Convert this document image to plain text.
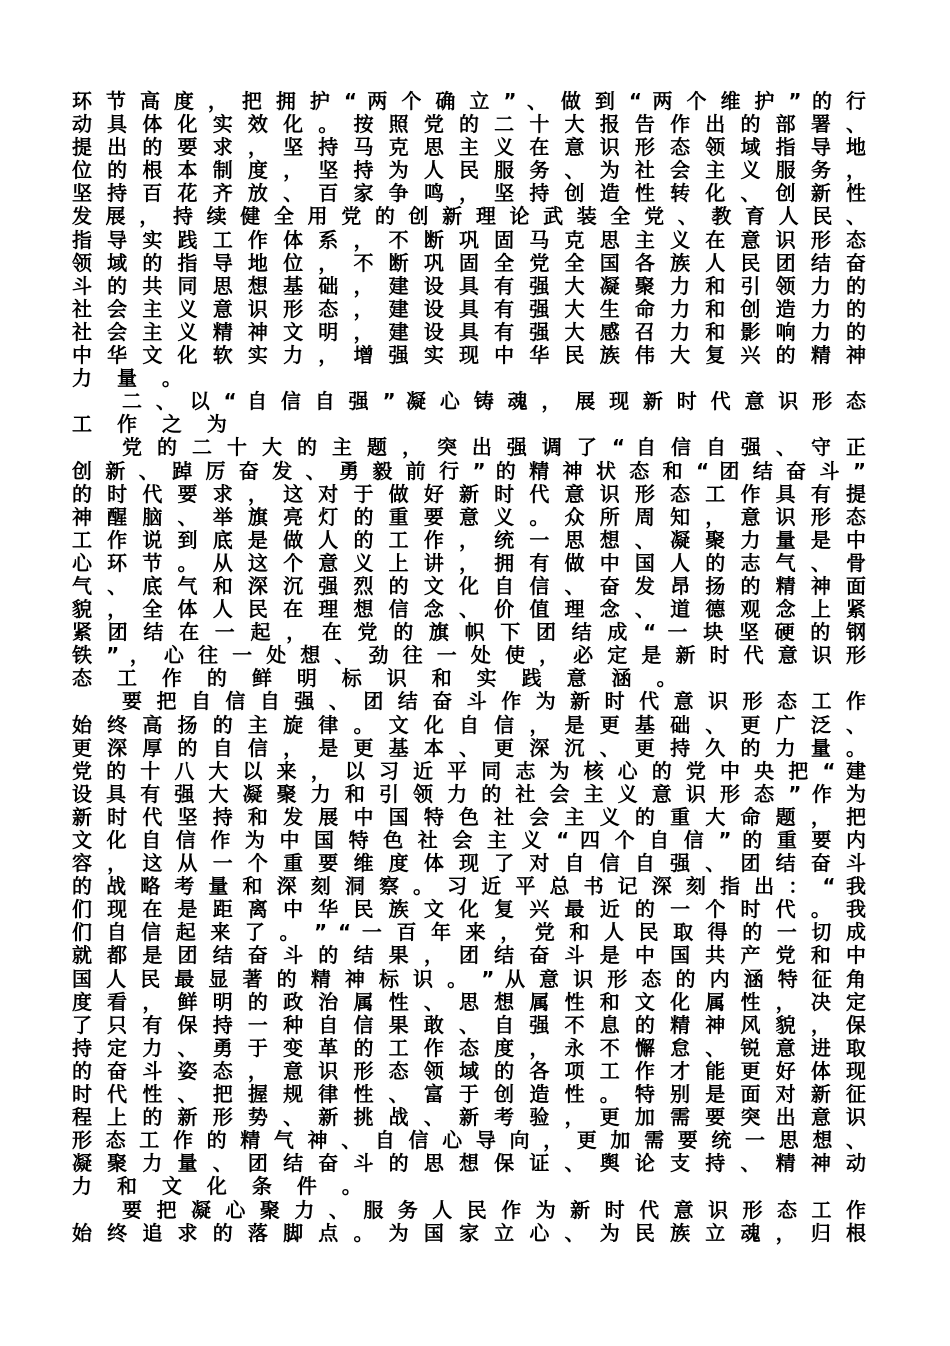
环 节 高 度 ， 把 拥 护 “ 两 个 确 立 ” 、 做 到 “ 两 个 维 护 ” 的 行
动 具 体 化 实 效 化 。 按 照 党 的 二 十 大 报 告 作 出 的 部 署 、
提 出 的 要 求 ， 坚 持 马 克 思 主 义 在 意 识 形 态 领 域 指 导 地
位 的 根 本 制 度 ， 坚 持 为 人 民 服 务 、 为 社 会 主 义 服 务 ，
坚 持 百 花 齐 放 、 百 家 争 鸣 ， 坚 持 创 造 性 转 化 、 创 新 性
发 展 ， 持 续 健 全 用 党 的 创 新 理 论 武 装 全 党 、 教 育 人 民 、
指 导 实 践 工 作 体 系 ， 不 断 巩 固 马 克 思 主 义 在 意 识 形 态
领 域 的 指 导 地 位 ， 不 断 巩 固 全 党 全 国 各 族 人 民 团 结 奋
斗 的 共 同 思 想 基 础 ， 建 设 具 有 强 大 凝 聚 力 和 引 领 力 的
社 会 主 义 意 识 形 态 ， 建 设 具 有 强 大 生 命 力 和 创 造 力 的
社 会 主 义 精 神 文 明 ， 建 设 具 有 强 大 感 召 力 和 影 响 力 的
中 华 文 化 软 实 力 ， 增 强 实 现 中 华 民 族 伟 大 复 兴 的 精 神
力 量 。
二 、 以 “ 自 信 自 强 ” 凝 心 铸 魂 ， 展 现 新 时 代 意 识 形 态
工 作 之 为
党 的 二 十 大 的 主 题 ， 突 出 强 调 了 “ 自 信 自 强 、 守 正
创 新 、 踔 厉 奋 发 、 勇 毅 前 行 ” 的 精 神 状 态 和 “ 团 结 奋 斗 ”
的 时 代 要 求 ， 这 对 于 做 好 新 时 代 意 识 形 态 工 作 具 有 提
神 醒 脑 、 举 旗 亮 灯 的 重 要 意 义 。 众 所 周 知 ， 意 识 形 态
工 作 说 到 底 是 做 人 的 工 作 ， 统 一 思 想 、 凝 聚 力 量 是 中
心 环 节 。 从 这 个 意 义 上 讲 ， 拥 有 做 中 国 人 的 志 气 、 骨
气 、 底 气 和 深 沉 强 烈 的 文 化 自 信 、 奋 发 昂 扬 的 精 神 面
貌 ， 全 体 人 民 在 理 想 信 念 、 价 值 理 念 、 道 德 观 念 上 紧
紧 团 结 在 一 起 ， 在 党 的 旗 帜 下 团 结 成 “ 一 块 坚 硬 的 钢
铁 ” ， 心 往 一 处 想 、 劲 往 一 处 使 ， 必 定 是 新 时 代 意 识 形
态 工 作 的 鲜 明 标 识 和 实 践 意 涵 。
要 把 自 信 自 强 、 团 结 奋 斗 作 为 新 时 代 意 识 形 态 工 作
始 终 高 扬 的 主 旋 律 。 文 化 自 信 ， 是 更 基 础 、 更 广 泛 、
更 深 厚 的 自 信 ， 是 更 基 本 、 更 深 沉 、 更 持 久 的 力 量 。
党 的 十 八 大 以 来 ， 以 习 近 平 同 志 为 核 心 的 党 中 央 把 “ 建
设 具 有 强 大 凝 聚 力 和 引 领 力 的 社 会 主 义 意 识 形 态 ” 作 为
新 时 代 坚 持 和 发 展 中 国 特 色 社 会 主 义 的 重 大 命 题 ， 把
文 化 自 信 作 为 中 国 特 色 社 会 主 义 “ 四 个 自 信 ” 的 重 要 内
容 ， 这 从 一 个 重 要 维 度 体 现 了 对 自 信 自 强 、 团 结 奋 斗
的 战 略 考 量 和 深 刻 洞 察 。 习 近 平 总 书 记 深 刻 指 出 ： “ 我
们 现 在 是 距 离 中 华 民 族 文 化 复 兴 最 近 的 一 个 时 代 。 我
们 自 信 起 来 了 。 ” “ 一 百 年 来 ， 党 和 人 民 取 得 的 一 切 成
就 都 是 团 结 奋 斗 的 结 果 ， 团 结 奋 斗 是 中 国 共 产 党 和 中
国 人 民 最 显 著 的 精 神 标 识 。 ” 从 意 识 形 态 的 内 涵 特 征 角
度 看 ， 鲜 明 的 政 治 属 性 、 思 想 属 性 和 文 化 属 性 ， 决 定
了 只 有 保 持 一 种 自 信 果 敢 、 自 强 不 息 的 精 神 风 貌 ， 保
持 定 力 、 勇 于 变 革 的 工 作 态 度 ， 永 不 懈 怠 、 锐 意 进 取
的 奋 斗 姿 态 ， 意 识 形 态 领 域 的 各 项 工 作 才 能 更 好 体 现
时 代 性 、 把 握 规 律 性 、 富 于 创 造 性 。 特 别 是 面 对 新 征
程 上 的 新 形 势 、 新 挑 战 、 新 考 验 ， 更 加 需 要 突 出 意 识
形 态 工 作 的 精 气 神 、 自 信 心 导 向 ， 更 加 需 要 统 一 思 想 、
凝 聚 力 量 、 团 结 奋 斗 的 思 想 保 证 、 舆 论 支 持 、 精 神 动
力 和 文 化 条 件 。
要 把 凝 心 聚 力 、 服 务 人 民 作 为 新 时 代 意 识 形 态 工 作
始 终 追 求 的 落 脚 点 。 为 国 家 立 心 、 为 民 族 立 魂 ， 归 根
